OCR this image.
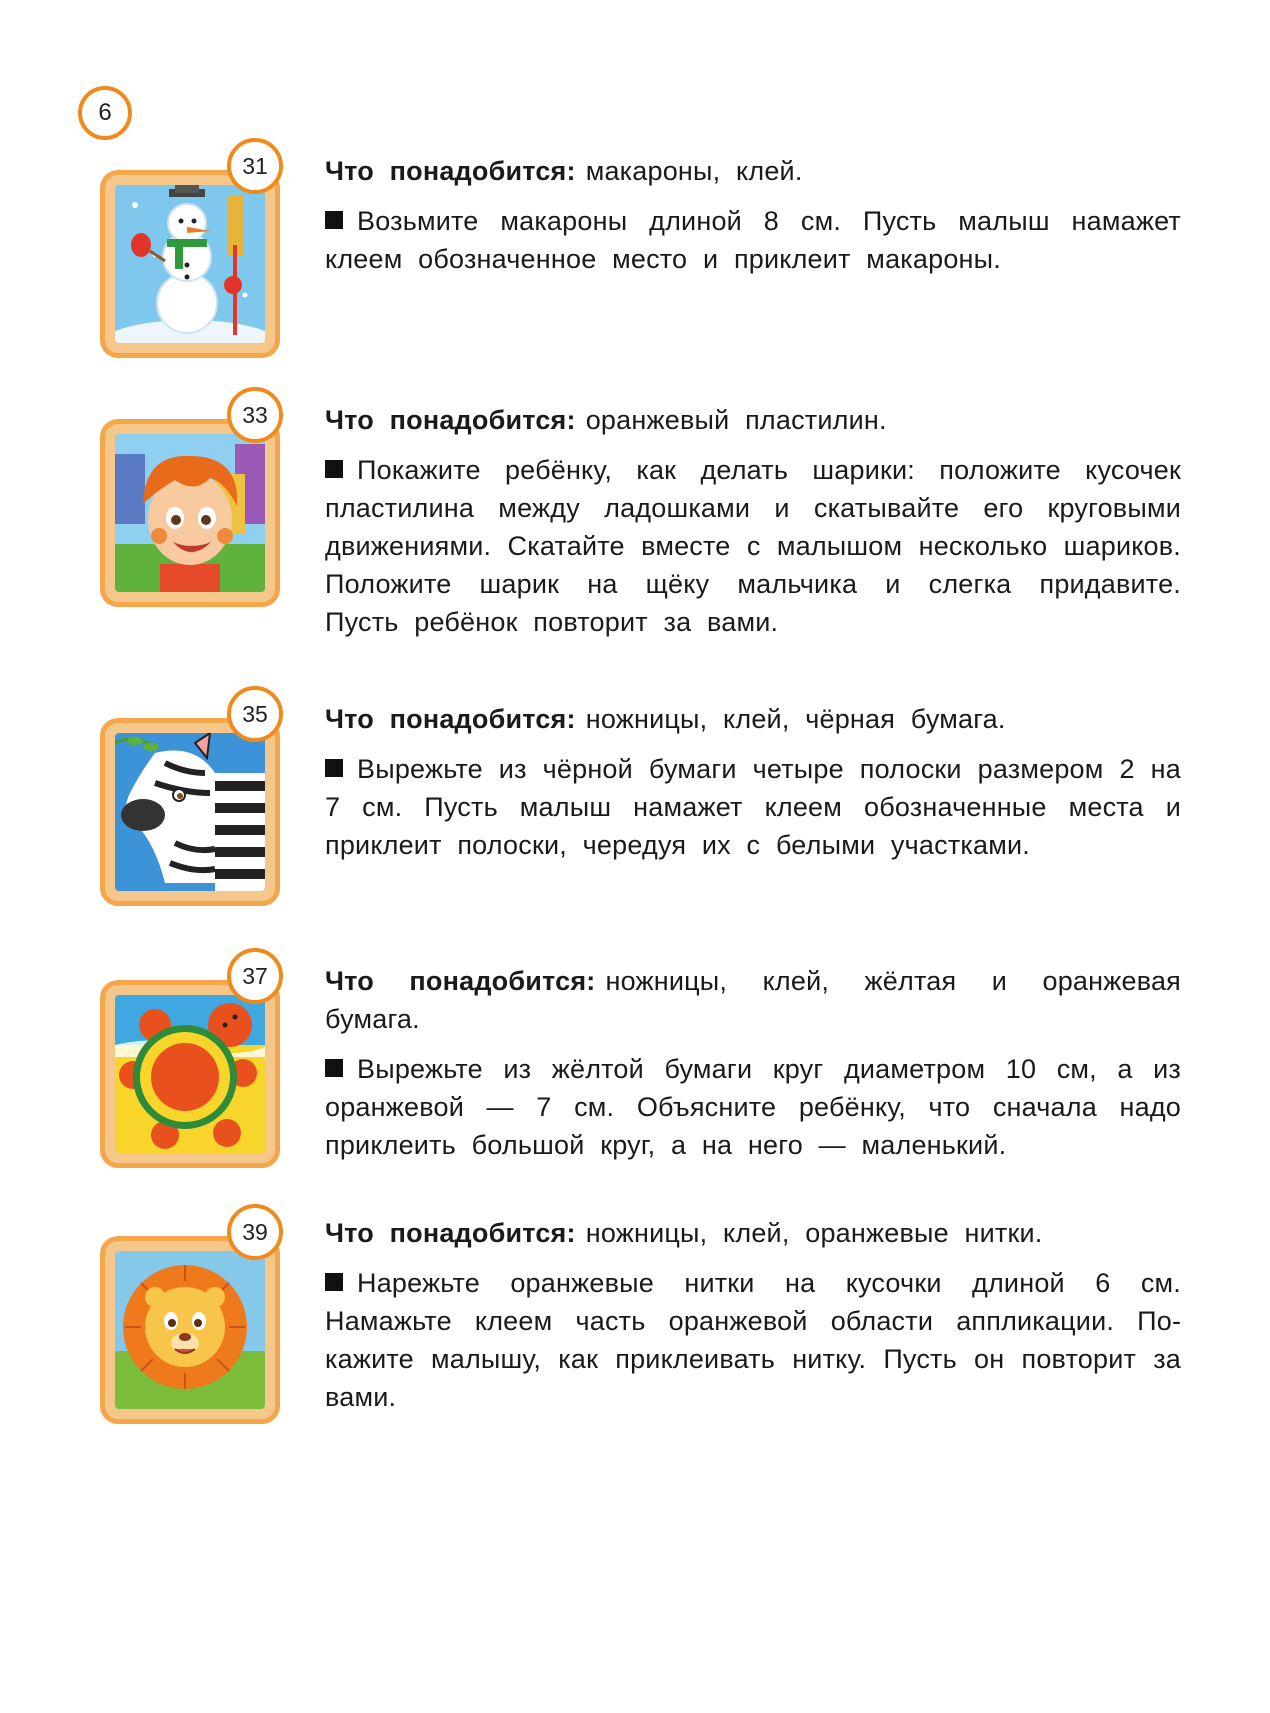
6
31	Что понадобится: макароны, клей.

Возьмите макароны длиной 8 см. Пусть малыш намажет клеем обозначенное место и приклеит макароны.

33	Что понадобится: оранжевый пластилин.

Покажите ребёнку, как делать шарики: положите кусочек пластилина между ладошками и скатывайте его круговыми движениями. Скатайте вместе с малышом несколько шариков. Положите шарик на щёку мальчика и слегка придавите. Пусть ребёнок повторит за вами.

35	Что понадобится: ножницы, клей, чёрная бумага.

Вырежьте из чёрной бумаги четыре полоски размером 2 на 7 см. Пусть малыш намажет клеем обозначенные места и приклеит полоски, чередуя их с белыми участками.

37	Что понадобится: ножницы, клей, жёлтая и оранжевая бумага.

Вырежьте из жёлтой бумаги круг диаметром 10 см, а из оранжевой — 7 см. Объясните ребёнку, что сначала надо приклеить большой круг, а на него — маленький.

39	Что понадобится: ножницы, клей, оранжевые нитки.

Нарежьте оранжевые нитки на кусочки длиной 6 см. Намажьте клеем часть оранжевой области аппликации. Покажите малышу, как приклеивать нитку. Пусть он повторит за вами.
